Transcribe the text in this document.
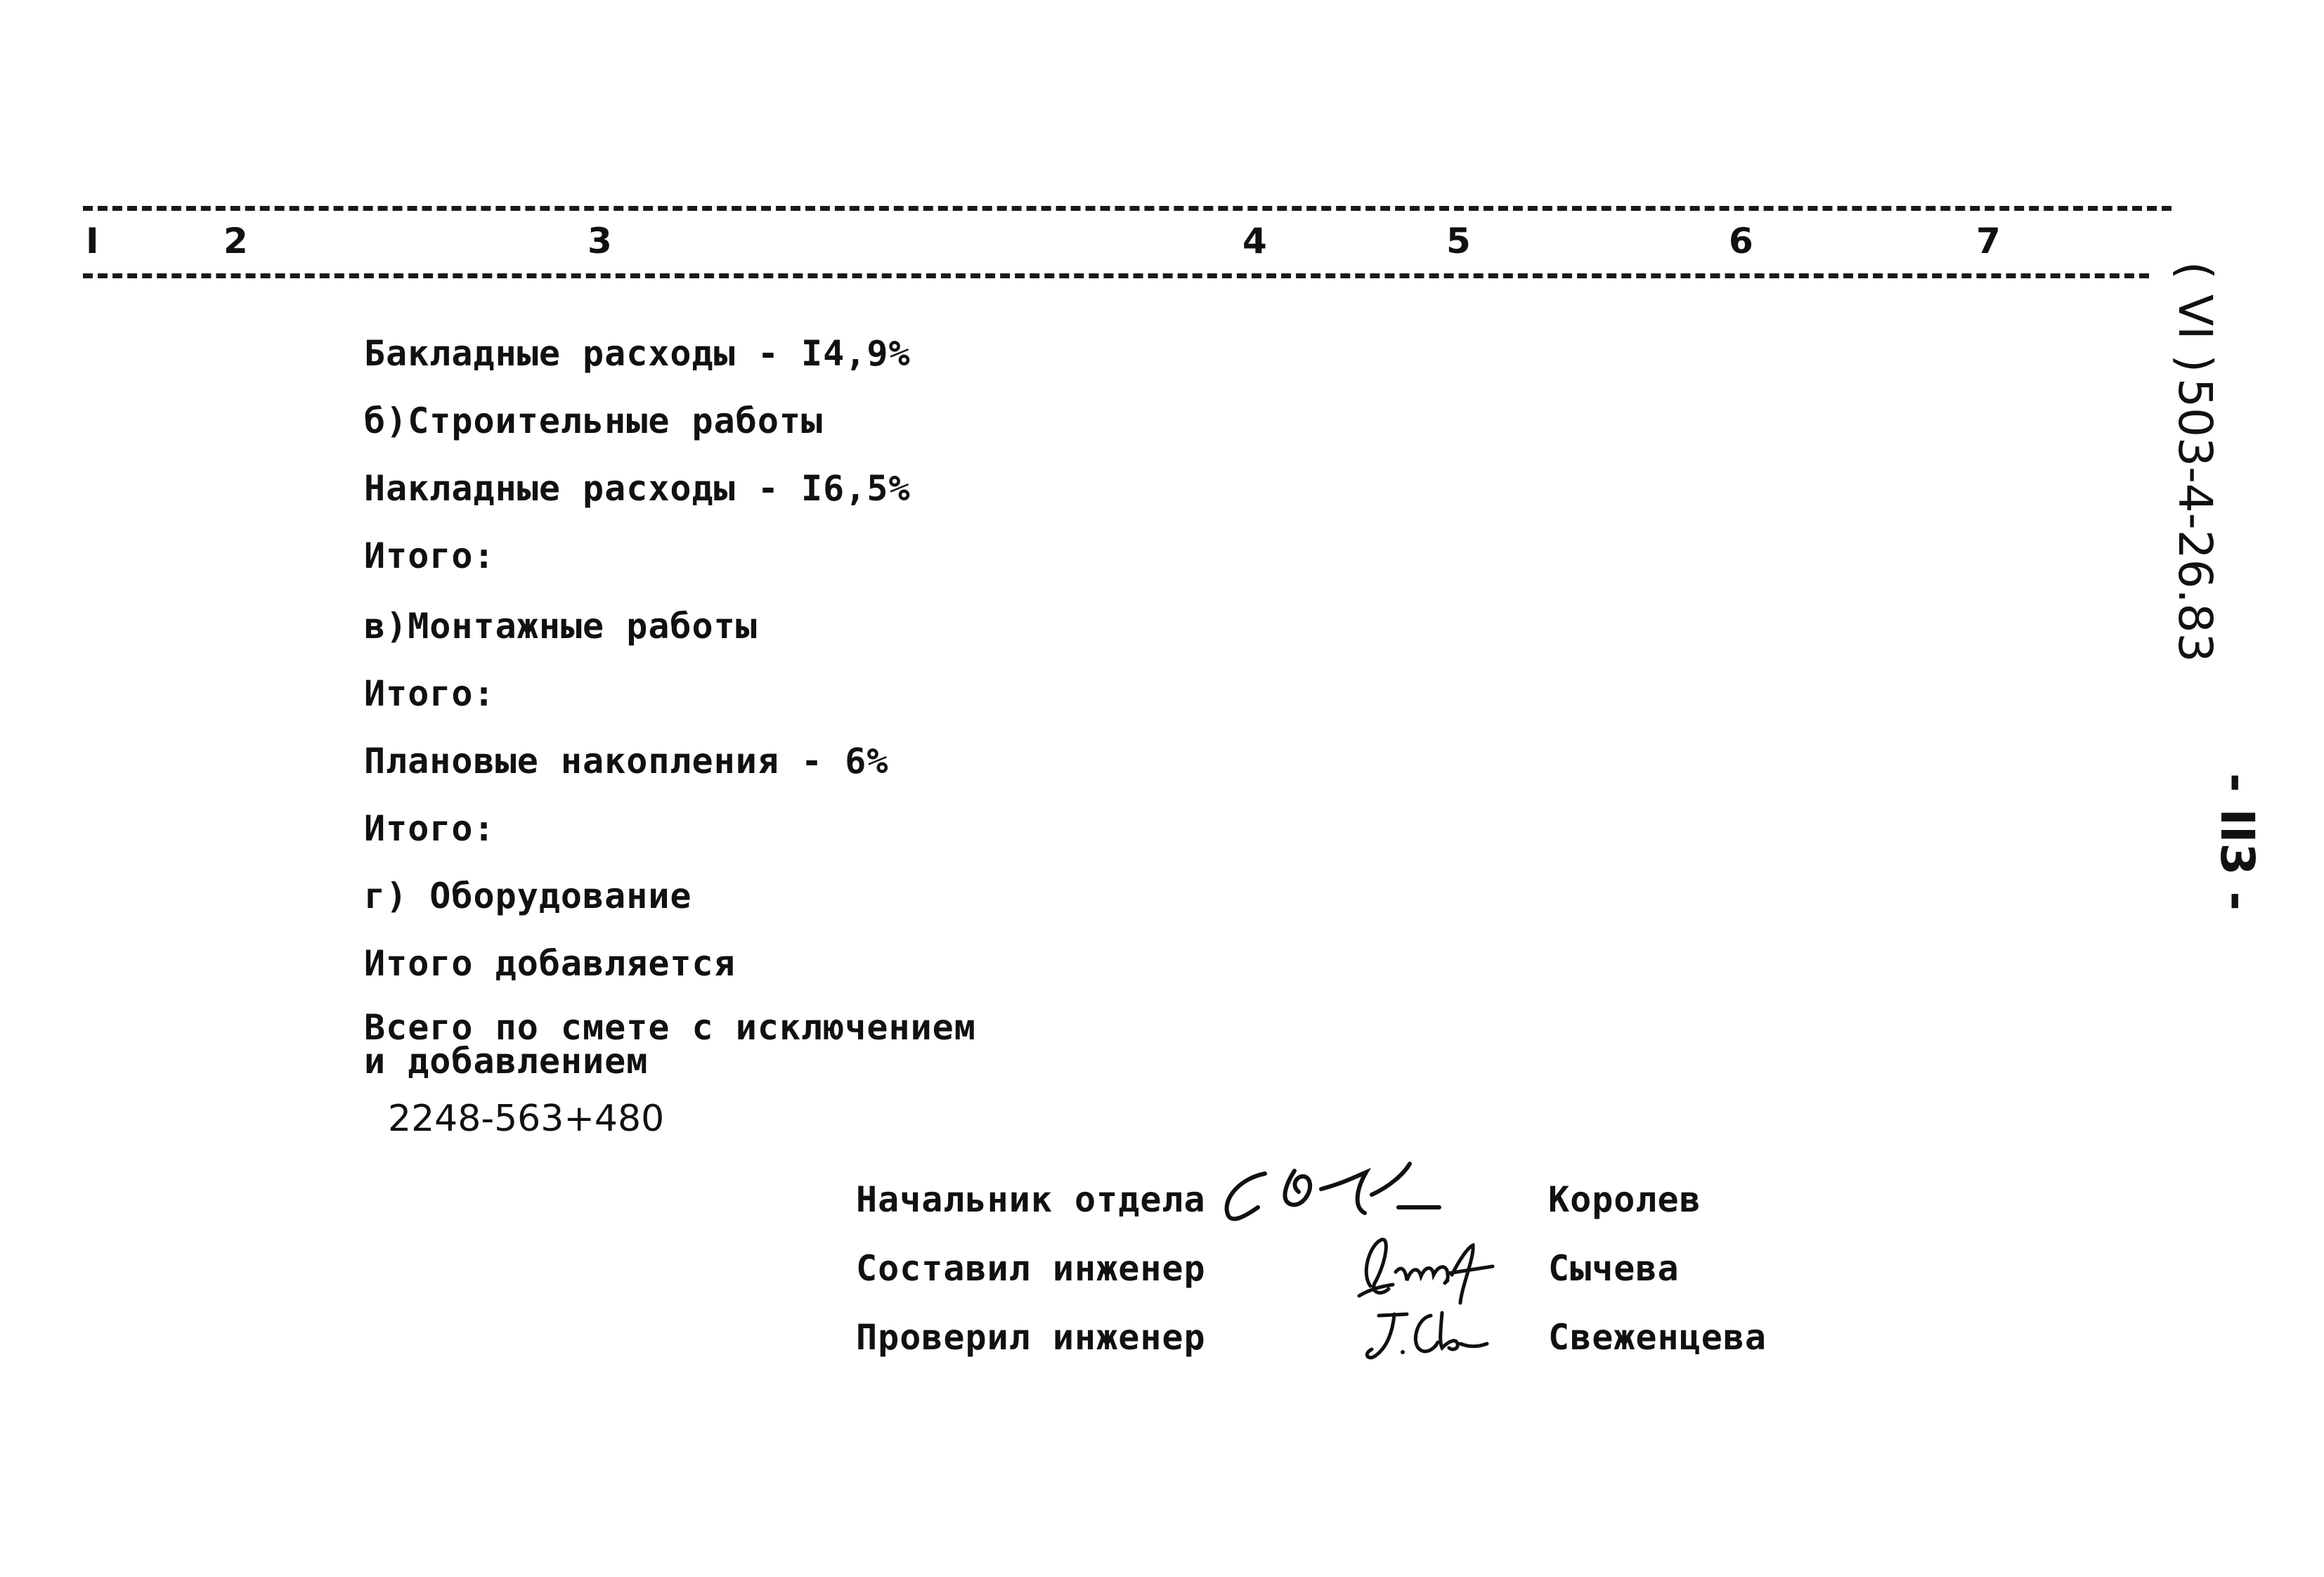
( VI )
503-4-26.83
- II3 -
I	2	3	4	5	6	7
Бакладные расходы - I4,9%
б)Строительные работы
Накладные расходы - I6,5%
Итого:
в)Монтажные работы
Итого:
Плановые накопления - 6%
Итого:
г) Оборудование
Итого добавляется
Всего по смете с исключением
и добавлением
2248-563+480
Начальник отдела	Королев
Составил инженер	Сычева
Проверил инженер	Свеженцева
